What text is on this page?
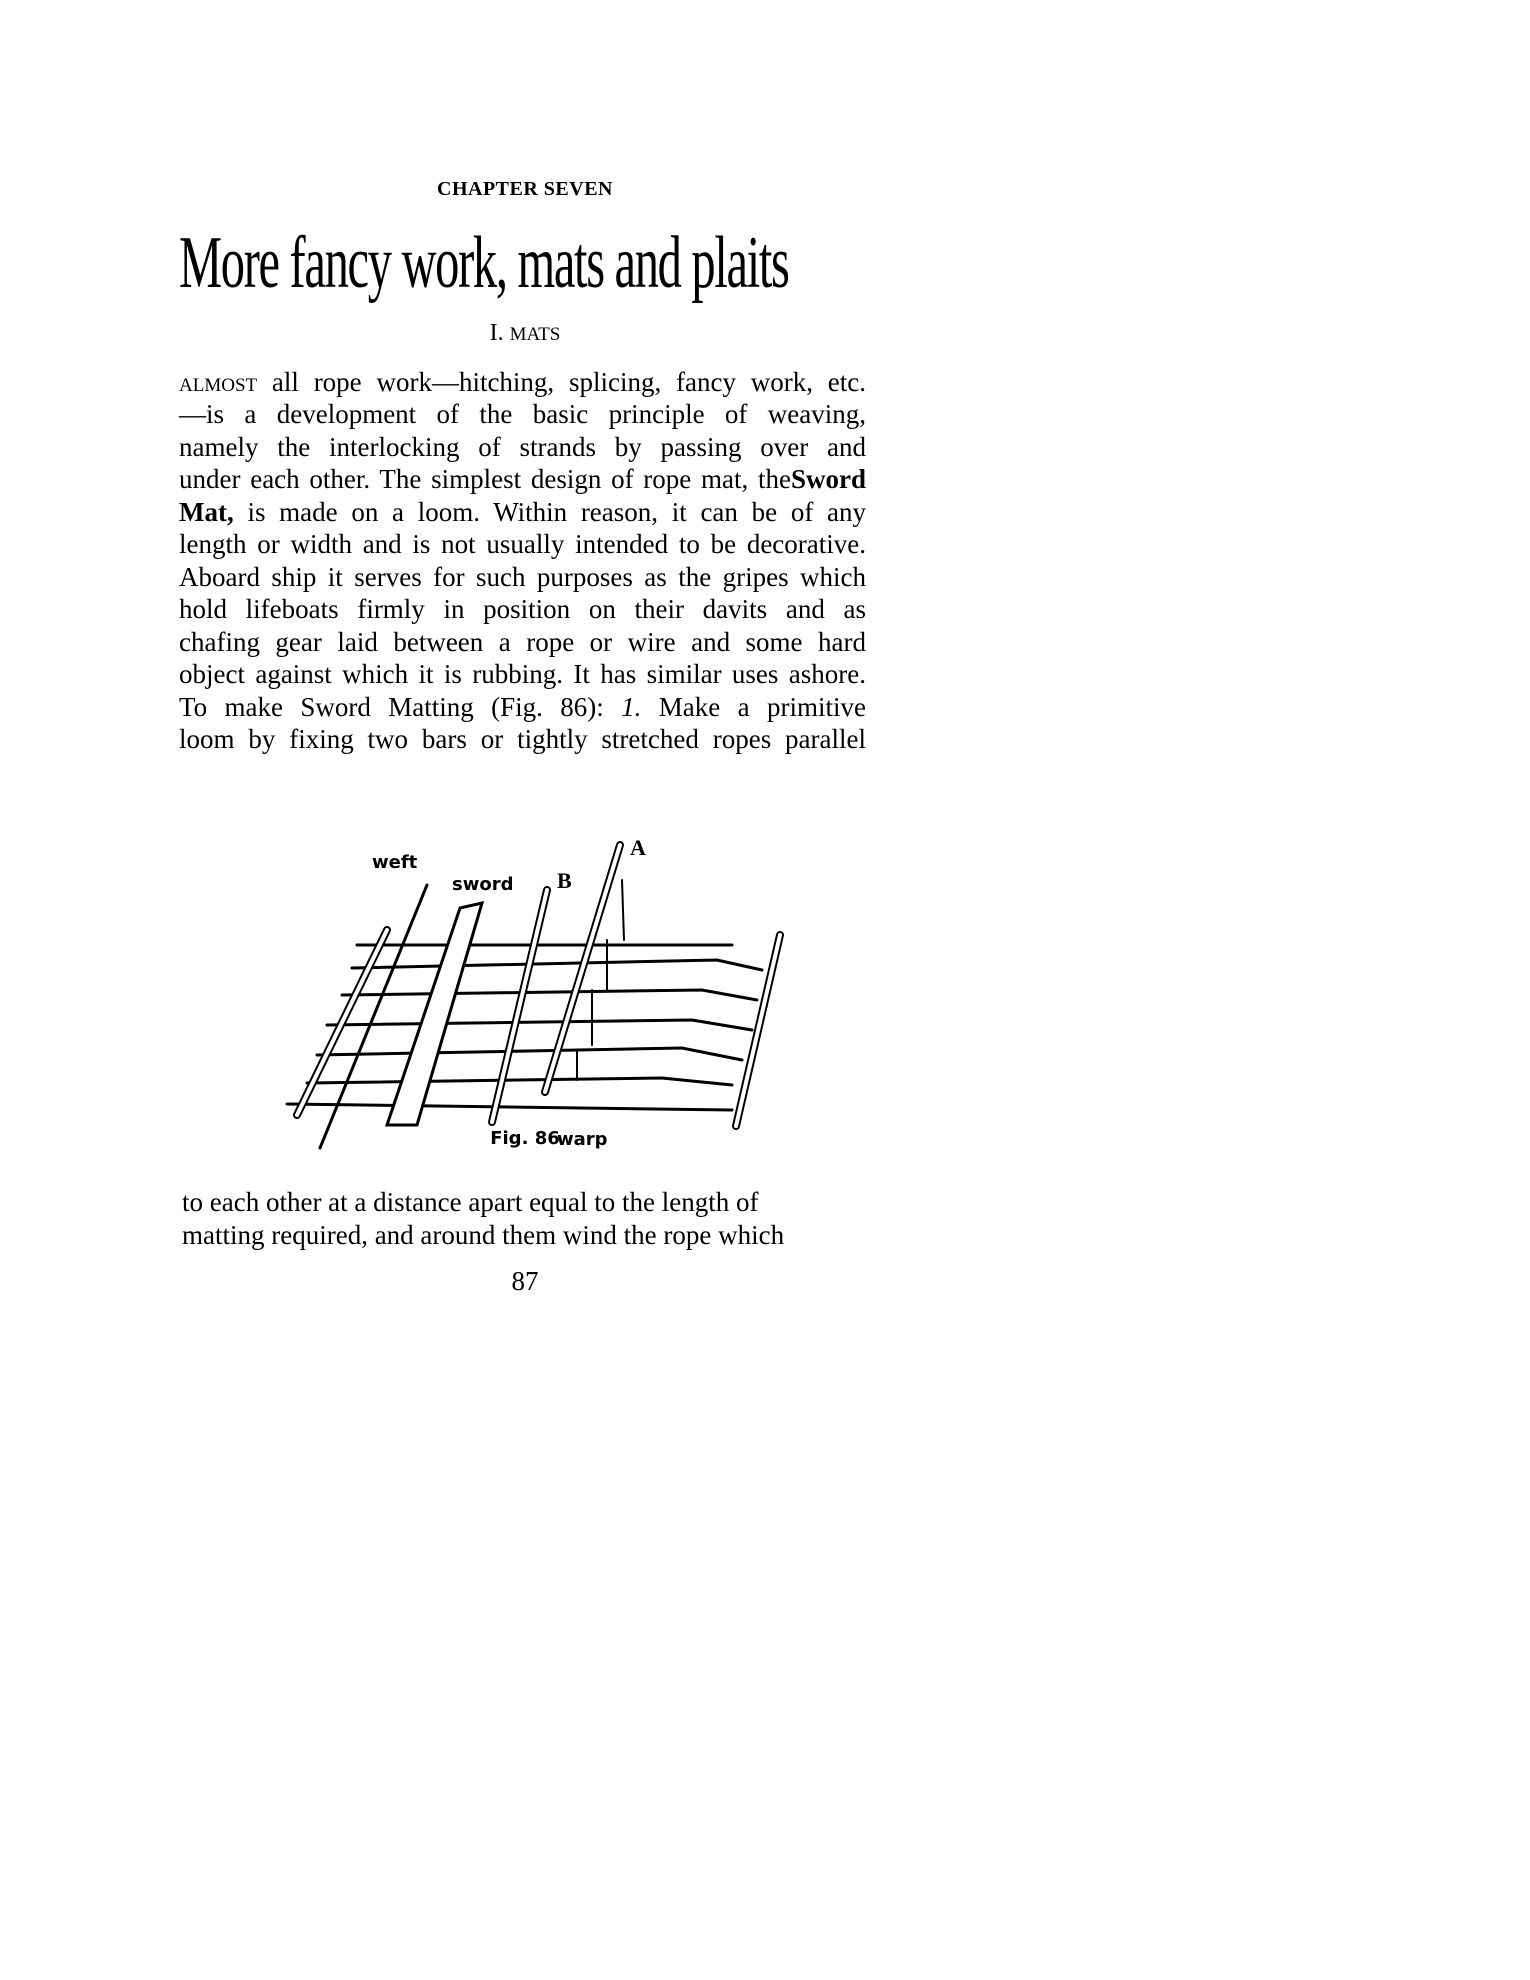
CHAPTER SEVEN
More fancy work, mats and plaits
I. MATS
ALMOST all rope work—hitching, splicing, fancy work, etc.
—is a development of the basic principle of weaving,
namely the interlocking of strands by passing over and
under each other. The simplest design of rope mat, theSword
Mat, is made on a loom. Within reason, it can be of any
length or width and is not usually intended to be decorative.
Aboard ship it serves for such purposes as the gripes which
hold lifeboats firmly in position on their davits and as
chafing gear laid between a rope or wire and some hard
object against which it is rubbing. It has similar uses ashore.
To make Sword Matting (Fig. 86): 1. Make a primitive
loom by fixing two bars or tightly stretched ropes parallel
weft
sword B
A
warp
Fig. 86
to each other at a distance apart equal to the length of
matting required, and around them wind the rope which
87
